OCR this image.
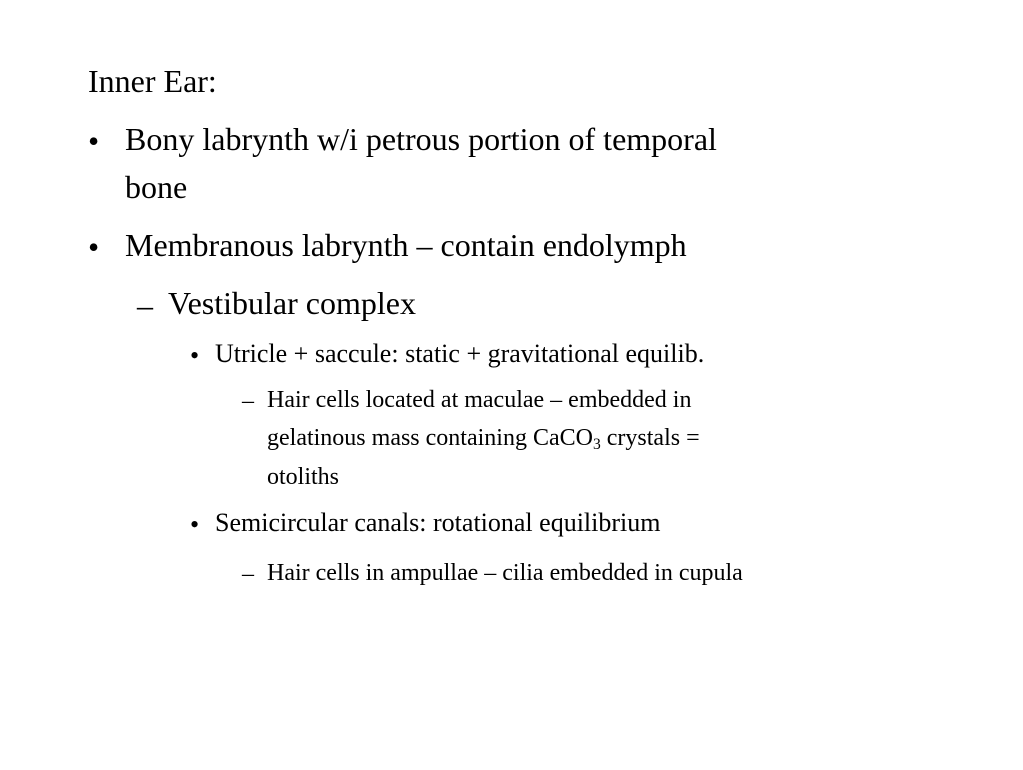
Inner Ear:
• Bony labrynth w/i petrous portion of temporal
bone
• Membranous labrynth – contain endolymph
– Vestibular complex
• Utricle + saccule: static + gravitational equilib.
– Hair cells located at maculae – embedded in
gelatinous mass containing CaCO$_3$ crystals =
otoliths
• Semicircular canals: rotational equilibrium
– Hair cells in ampullae – cilia embedded in cupula
